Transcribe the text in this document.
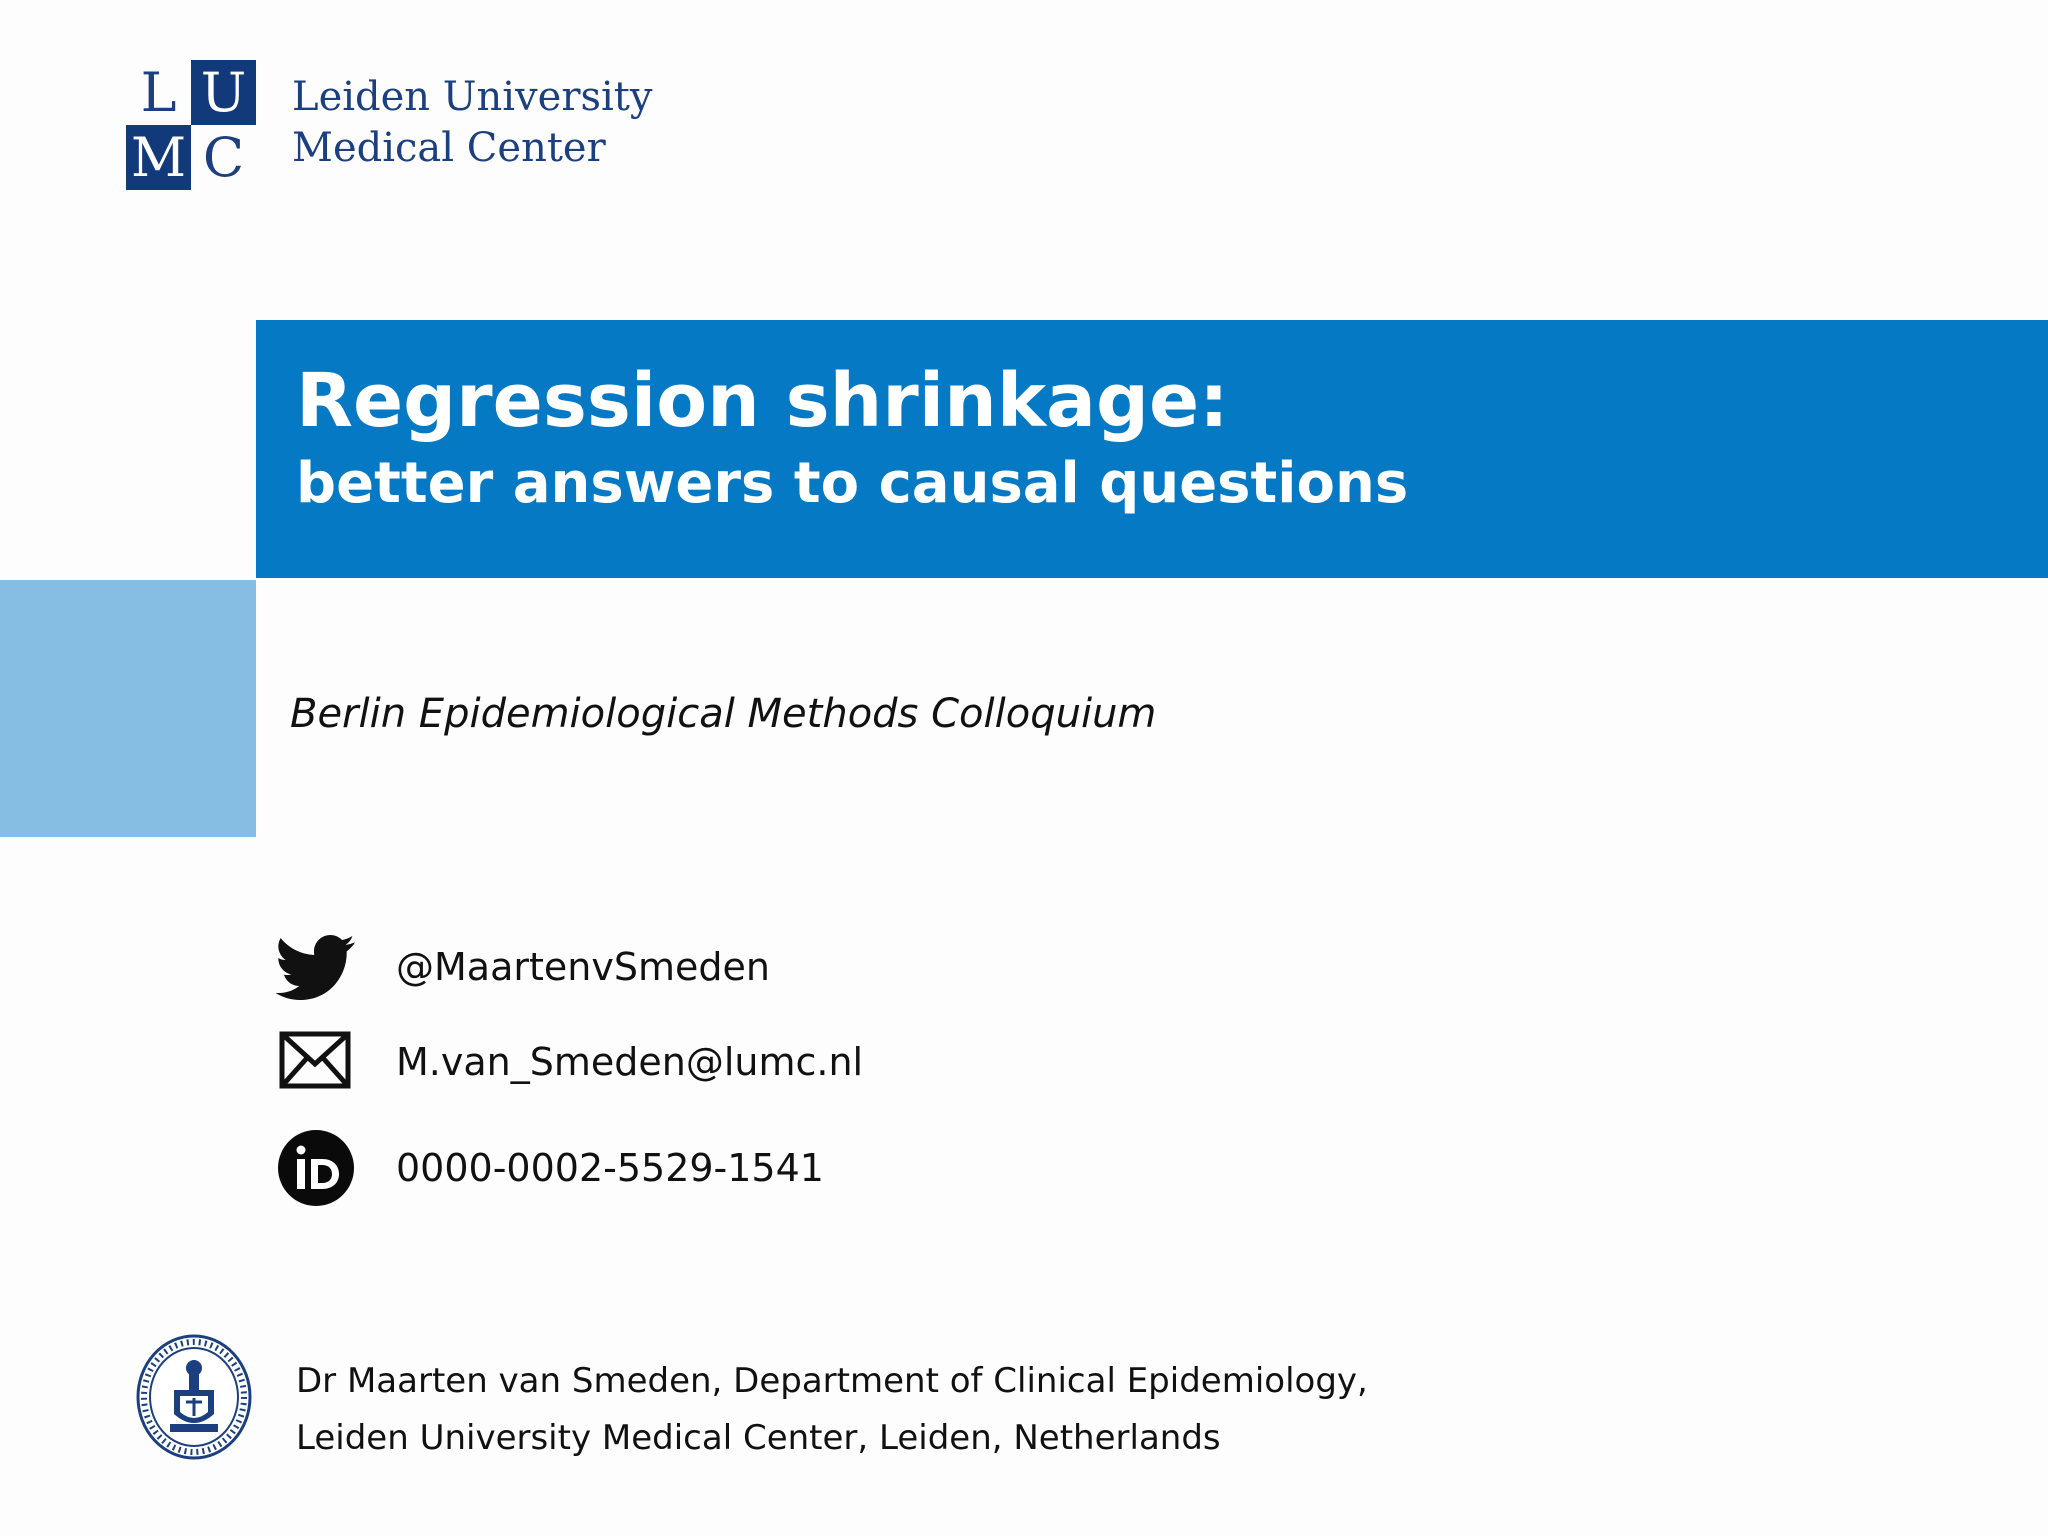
L U
M C
Leiden University
Medical Center
Regression shrinkage:
better answers to causal questions
Berlin Epidemiological Methods Colloquium
@MaartenvSmeden
M.van_Smeden@lumc.nl
0000-0002-5529-1541
Dr Maarten van Smeden, Department of Clinical Epidemiology,
Leiden University Medical Center, Leiden, Netherlands
